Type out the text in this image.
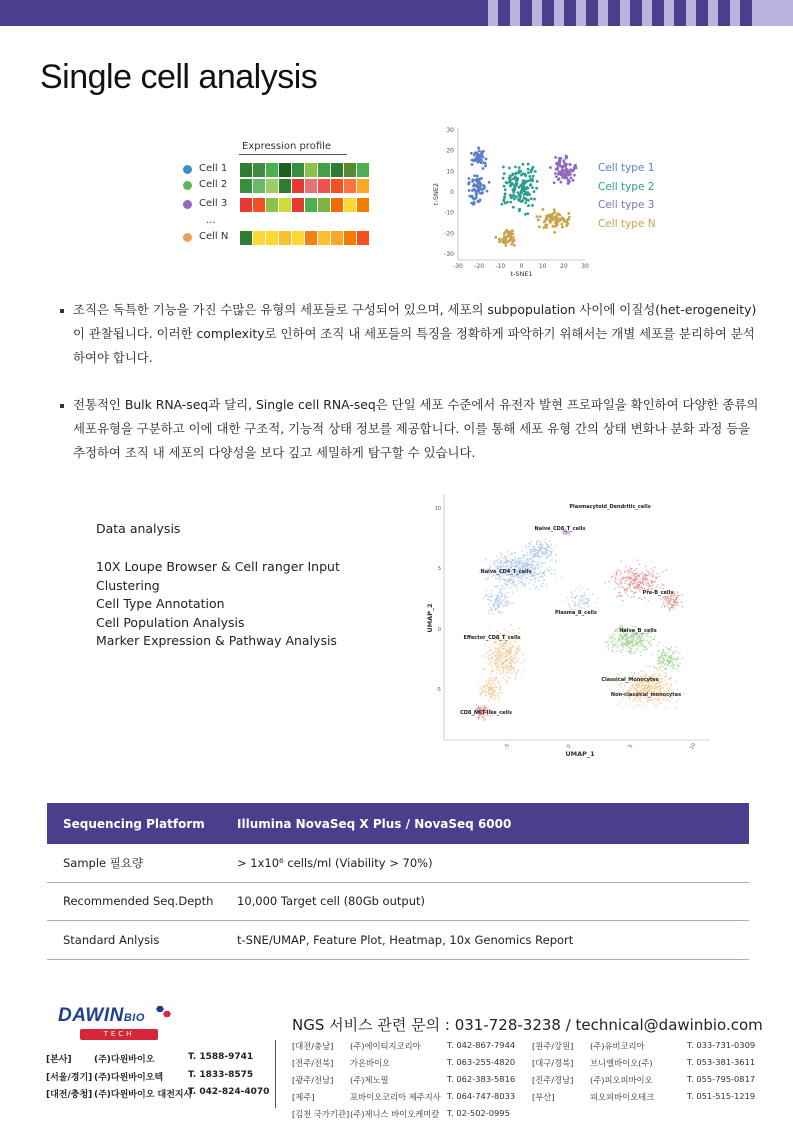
Single cell analysis
Expression profile
...
Cell 1
Cell 2
Cell 3
Cell N
-30 -20 -10 0	10 20 30
30
20
10
0
-10
-20
-30
t-SNE1
t-SNE2
Cell type 1
Cell type 2
Cell type 3
Cell type N
조직은 독특한 기능을 가진 수많은 유형의 세포들로 구성되어 있으며, 세포의 subpopulation 사이에 이질성(het-erogeneity)이 관찰됩니다. 이러한 complexity로 인하여 조직 내 세포들의 특징을 정확하게 파악하기 위해서는 개별 세포를 분리하여 분석하여야 합니다.
전통적인 Bulk RNA-seq과 달리, Single cell RNA-seq은 단일 세포 수준에서 유전자 발현 프로파일을 확인하여 다양한 종류의 세포유형을 구분하고 이에 대한 구조적, 기능적 상태 정보를 제공합니다. 이를 통해 세포 유형 간의 상태 변화나 분화 과정 등을 추정하여 조직 내 세포의 다양성을 보다 깊고 세밀하게 탐구할 수 있습니다.
Data analysis
10X Loupe Browser & Cell ranger Input
Clustering
Cell Type Annotation
Cell Population Analysis
Marker Expression & Pathway Analysis
-5	0	5	10
10
5
0
-5
UMAP_1
UMAP_2
Plasmacytoid_Dendritic_cells
Naive_CD8_T_cells
Naive_CD4_T_cells
Pre-B_cells
Plasma_B_cells
Naive_B_cells
Effector_CD8_T_cells
Classical_Monocytes
Non-classical_monocytes
CD8_NKT-like_cells
Sequencing Platform	Illumina NovaSeq X Plus / NovaSeq 6000
Sample 필요량	> 1x10⁶ cells/ml (Viability > 70%)
Recommended Seq.Depth 10,000 Target cell (80Gb output)
Standard Anlysis	t-SNE/UMAP, Feature Plot, Heatmap, 10x Genomics Report
DAWINBIO
TECH
[본사] (주)다윈바이오	T. 1588-9741
[서울/경기] (주)다윈바이오텍	T. 1833-8575
[대전/충청] (주)다윈바이오 대전지사
T. 042-824-4070
NGS 서비스 관련 문의 : 031-728-3238 / technical@dawinbio.com
[대전/충남] (주)에이티지코리아	T. 042-867-7944
[전주/전북] 가온바이오	T. 063-255-4820
[광주/전남] (주)제노필	T. 062-383-5816
[제주]	포바이오코리아 제주지사 T. 064-747-8033
[김천 국가기관] (주)제니스 바이오케미칼 T. 02-502-0995
[원주/강원] (주)유비코리아	T. 033-731-0309
[대구/경북] 브니엘바이오(주)	T. 053-381-3611
[진주/경남] (주)피오피바이오	T. 055-795-0817
[부산]	피오피바이오테크	T. 051-515-1219
